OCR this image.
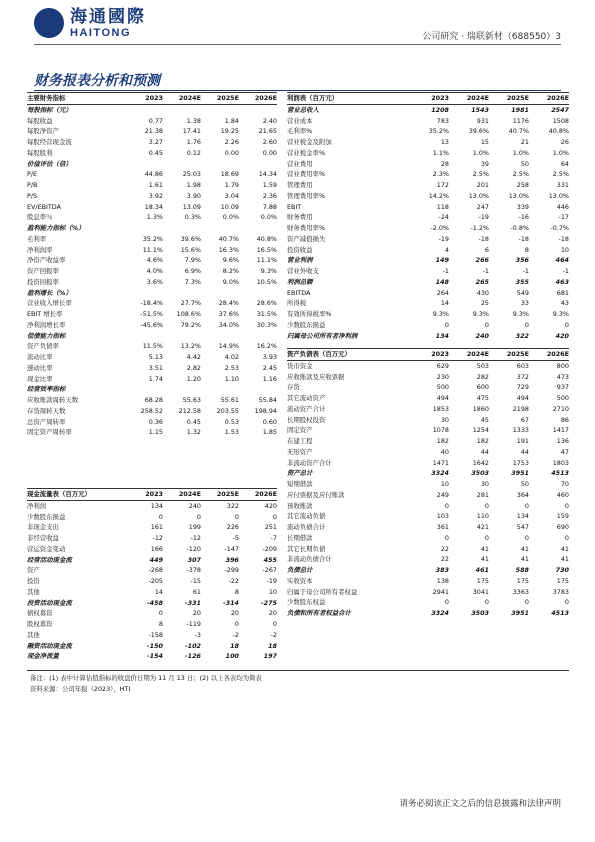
海通國際
HAITONG	公司研究 · 瑞联新材（688550）3
财务报表分析和预测
主要财务指标	2023	2024E	2025E	2026E
每股指标（元）				
每股收益	0.77	1.38	1.84	2.40
每股净资产	21.38	17.41	19.25	21.65
每股经营现金流	3.27	1.76	2.26	2.60
每股股利	0.45	0.12	0.00	0.00
价值评估（倍）				
P/E	44.86	25.03	18.69	14.34
P/B	1.61	1.98	1.79	1.59
P/S	3.92	3.90	3.04	2.36
EV/EBITDA	18.34	13.09	10.09	7.88
股息率％	1.3%	0.3%	0.0%	0.0%
盈利能力指标（%）				
毛利率	35.2%	39.6%	40.7%	40.8%
净利润率	11.1%	15.6%	16.3%	16.5%
净资产收益率	4.6%	7.9%	9.6%	11.1%
资产回报率	4.0%	6.9%	8.2%	9.3%
投资回报率	3.6%	7.3%	9.0%	10.5%
盈利增长（%）				
营业收入增长率	-18.4%	27.7%	28.4%	28.6%
EBIT 增长率	-51.5%	108.6%	37.6%	31.5%
净利润增长率	-45.6%	79.2%	34.0%	30.3%
偿债能力指标				
资产负债率	11.5%	13.2%	14.9%	16.2%
流动比率	5.13	4.42	4.02	3.93
速动比率	3.51	2.82	2.53	2.45
现金比率	1.74	1.20	1.10	1.16
经营效率指标				
应收账款周转天数	68.28	55.63	55.61	55.84
存货周转天数	258.52	212.58	203.55	198.94
总资产周转率	0.36	0.45	0.53	0.60
固定资产周转率	1.15	1.32	1.53	1.85
利润表（百万元）	2023	2024E	2025E	2026E
营业总收入	1208	1543	1981	2547
营业成本	783	931	1176	1508
毛利率%	35.2%	39.6%	40.7%	40.8%
营业税金及附加	13	15	21	26
营业税金率%	1.1%	1.0%	1.0%	1.0%
营业费用	28	39	50	64
营业费用率%	2.3%	2.5%	2.5%	2.5%
管理费用	172	201	258	331
管理费用率%	14.2%	13.0%	13.0%	13.0%
EBIT	118	247	339	446
财务费用	-24	-19	-16	-17
财务费用率%	-2.0%	-1.2%	-0.8%	-0.7%
资产减值损失	-19	-18	-18	-18
投资收益	4	6	8	10
营业利润	149	266	356	464
营业外收支	-1	-1	-1	-1
利润总额	148	265	355	463
EBITDA	264	430	549	681
所得税	14	25	33	43
有效所得税率%	9.3%	9.3%	9.3%	9.3%
少数股东损益	0	0	0	0
归属母公司所有者净利润	134	240	322	420
资产负债表（百万元）	2023	2024E	2025E	2026E
货币资金	629	503	603	800
应收账款及应收票据	230	282	372	473
存货	500	600	729	937
其它流动资产	494	475	494	500
流动资产合计	1853	1860	2198	2710
长期股权投资	30	45	67	86
固定资产	1078	1254	1333	1417
在建工程	182	182	191	136
无形资产	40	44	44	47
非流动资产合计	1471	1642	1753	1803
资产总计	3324	3503	3951	4513
短期借款	10	30	50	70
应付票据及应付账款	249	281	364	460
预收账款	0	0	0	0
其它流动负债	103	110	134	159
流动负债合计	361	421	547	690
长期借款	0	0	0	0
其它长期负债	22	41	41	41
非流动负债合计	22	41	41	41
负债总计	383	461	588	730
实收资本	138	175	175	175
归属于母公司所有者权益	2941	3041	3363	3783
少数股东权益	0	0	0	0
负债和所有者权益合计	3324	3503	3951	4513
现金流量表（百万元）	2023	2024E	2025E	2026E
净利润	134	240	322	420
少数股东损益	0	0	0	0
非现金支出	161	199	226	251
非经营收益	-12	-12	-5	-7
营运资金变动	166	-120	-147	-209
经营活动现金流	449	307	396	455
资产	-268	-378	-299	-267
投资	-205	-15	-22	-19
其他	14	61	8	10
投资活动现金流	-458	-331	-314	-275
债权募资	0	20	20	20
股权募资	8	-119	0	0
其他	-158	-3	-2	-2
融资活动现金流	-150	-102	18	18
现金净流量	-154	-126	100	197
备注：(1) 表中计算估值指标的收盘价日期为 11 月 13 日；(2) 以上各表均为简表
资料来源：公司年报（2023），HTI
请务必阅读正文之后的信息披露和法律声明
